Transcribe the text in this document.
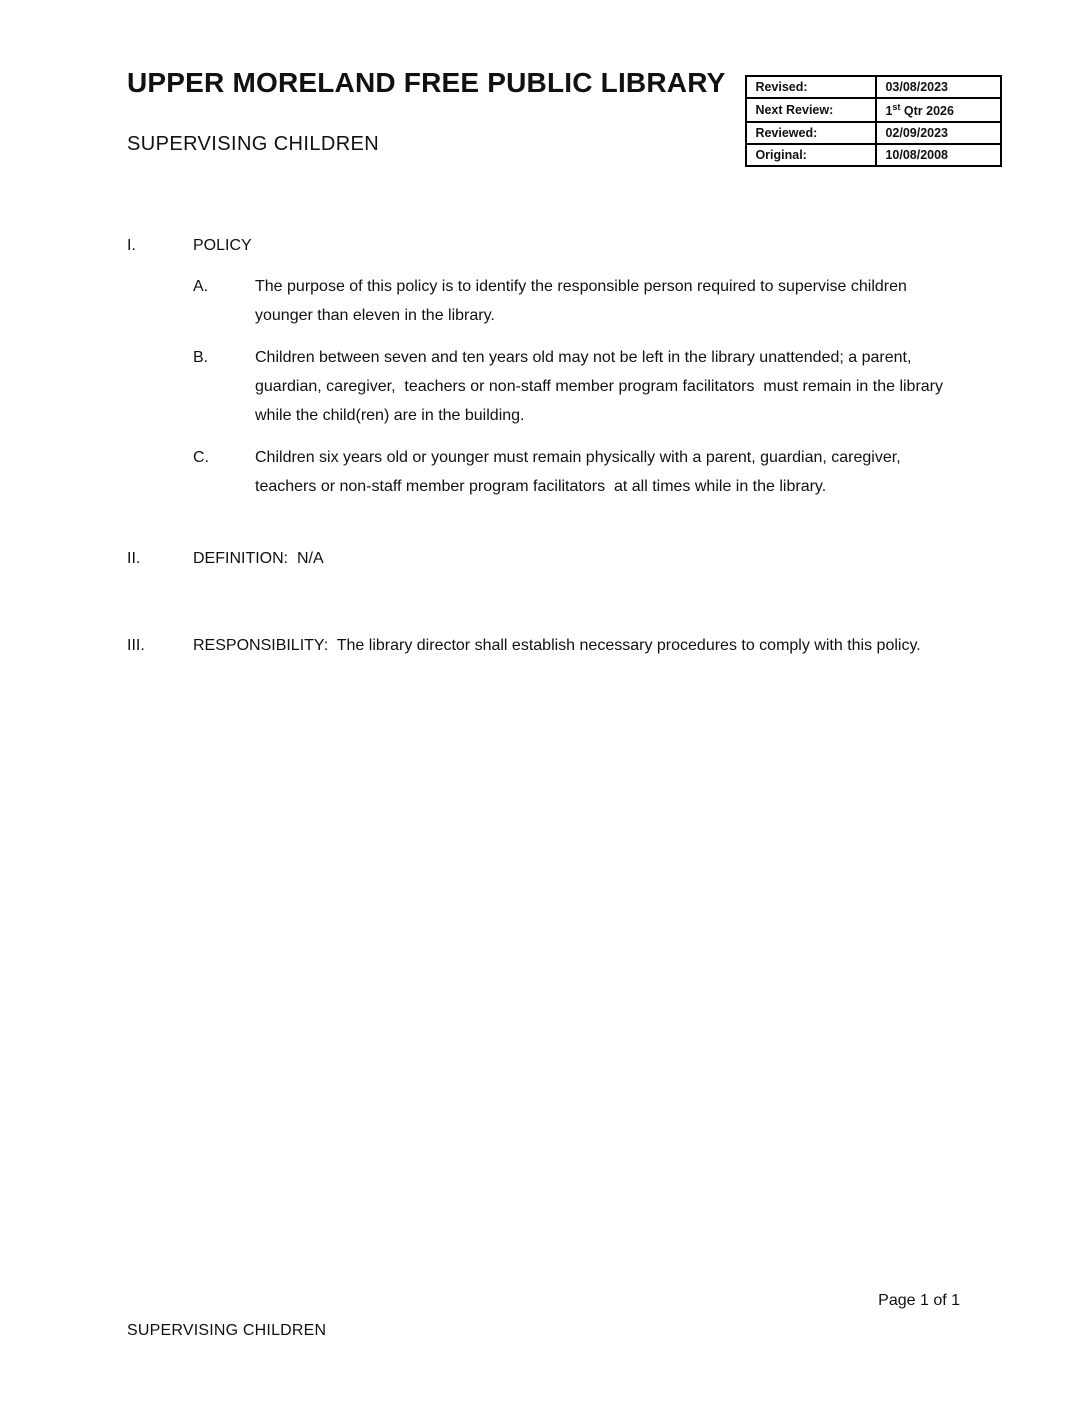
UPPER MORELAND FREE PUBLIC LIBRARY
SUPERVISING CHILDREN
Revised:	03/08/2023
Next Review:	1st Qtr 2026
Reviewed:	02/09/2023
Original:	10/08/2008
I.	POLICY
A.	The purpose of this policy is to identify the responsible person required to supervise children younger than eleven in the library.

B.	Children between seven and ten years old may not be left in the library unattended; a parent, guardian, caregiver,  teachers or non-staff member program facilitators  must remain in the library while the child(ren) are in the building.

C.	Children six years old or younger must remain physically with a parent, guardian, caregiver, teachers or non-staff member program facilitators  at all times while in the library.

II.	DEFINITION:  N/A
III.	RESPONSIBILITY:  The library director shall establish necessary procedures to comply with this policy.
Page 1 of 1
SUPERVISING CHILDREN
